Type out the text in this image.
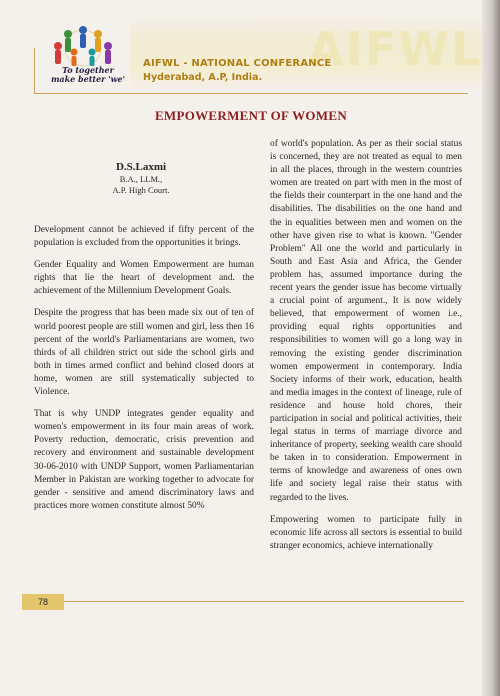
AIFWL
To together
make better 'we'
AIFWL - NATIONAL CONFERANCE
Hyderabad, A.P, India.
EMPOWERMENT OF WOMEN
D.S.Laxmi
B.A., LLM.,
A.P. High Court.

Development cannot be achieved if fifty percent of the population is excluded from the opportunities it brings.

Gender Equality and Women Empowerment are human rights that lie the heart of development and. the achievement of the Millennium Development Goals.

Despite the progress that has been made six out of ten of world poorest people are still women and girl, less then 16 percent of the world's Parliamentarians are women, two thirds of all children strict out side the school girls and both in times armed conflict and behind closed doors at home, women are still systematically subjected to Violence.

That is why UNDP integrates gender equality and women's empowerment in its four main areas of work. Poverty reduction, democratic, crisis prevention and recovery and environment and sustainable development 30-06-2010 with UNDP Support, women Parliamentarian Member in Pakistan are working together to advocate for gender - sensitive and amend discriminatory laws and practices more women constitute almost 50%

of world's population. As per as their social status is concerned, they are not treated as equal to men in all the places, through in the western countries women are treated on part with men in the most of the fields their counterpart in the one hand and the disabilities. The disabilities on the one hand and the in equalities between men and women on the other have given rise to what is known. "Gender Problem" All one the world and particularly in South and East Asia and Africa, the Gender problem has, assumed importance during the recent years the gender issue has become virtually a crucial point of argument., It is now widely believed, that empowerment of women i.e., providing equal rights opportunities and responsibilities to women will go a long way in removing the existing gender discrimination women empowerment in contemporary. India Society informs of their work, education, health and media images in the context of lineage, rule of residence and house hold chores, their participation in social and political activities, their legal status in terms of marriage divorce and inheritance of property, seeking wealth care should be taken in to consideration. Empowerment in terms of knowledge and awareness of ones own life and society legal raise their status with regarded to the lives.

Empowering women to participate fully in economic life across all sectors is essential to build stranger economics, achieve internationally

78
